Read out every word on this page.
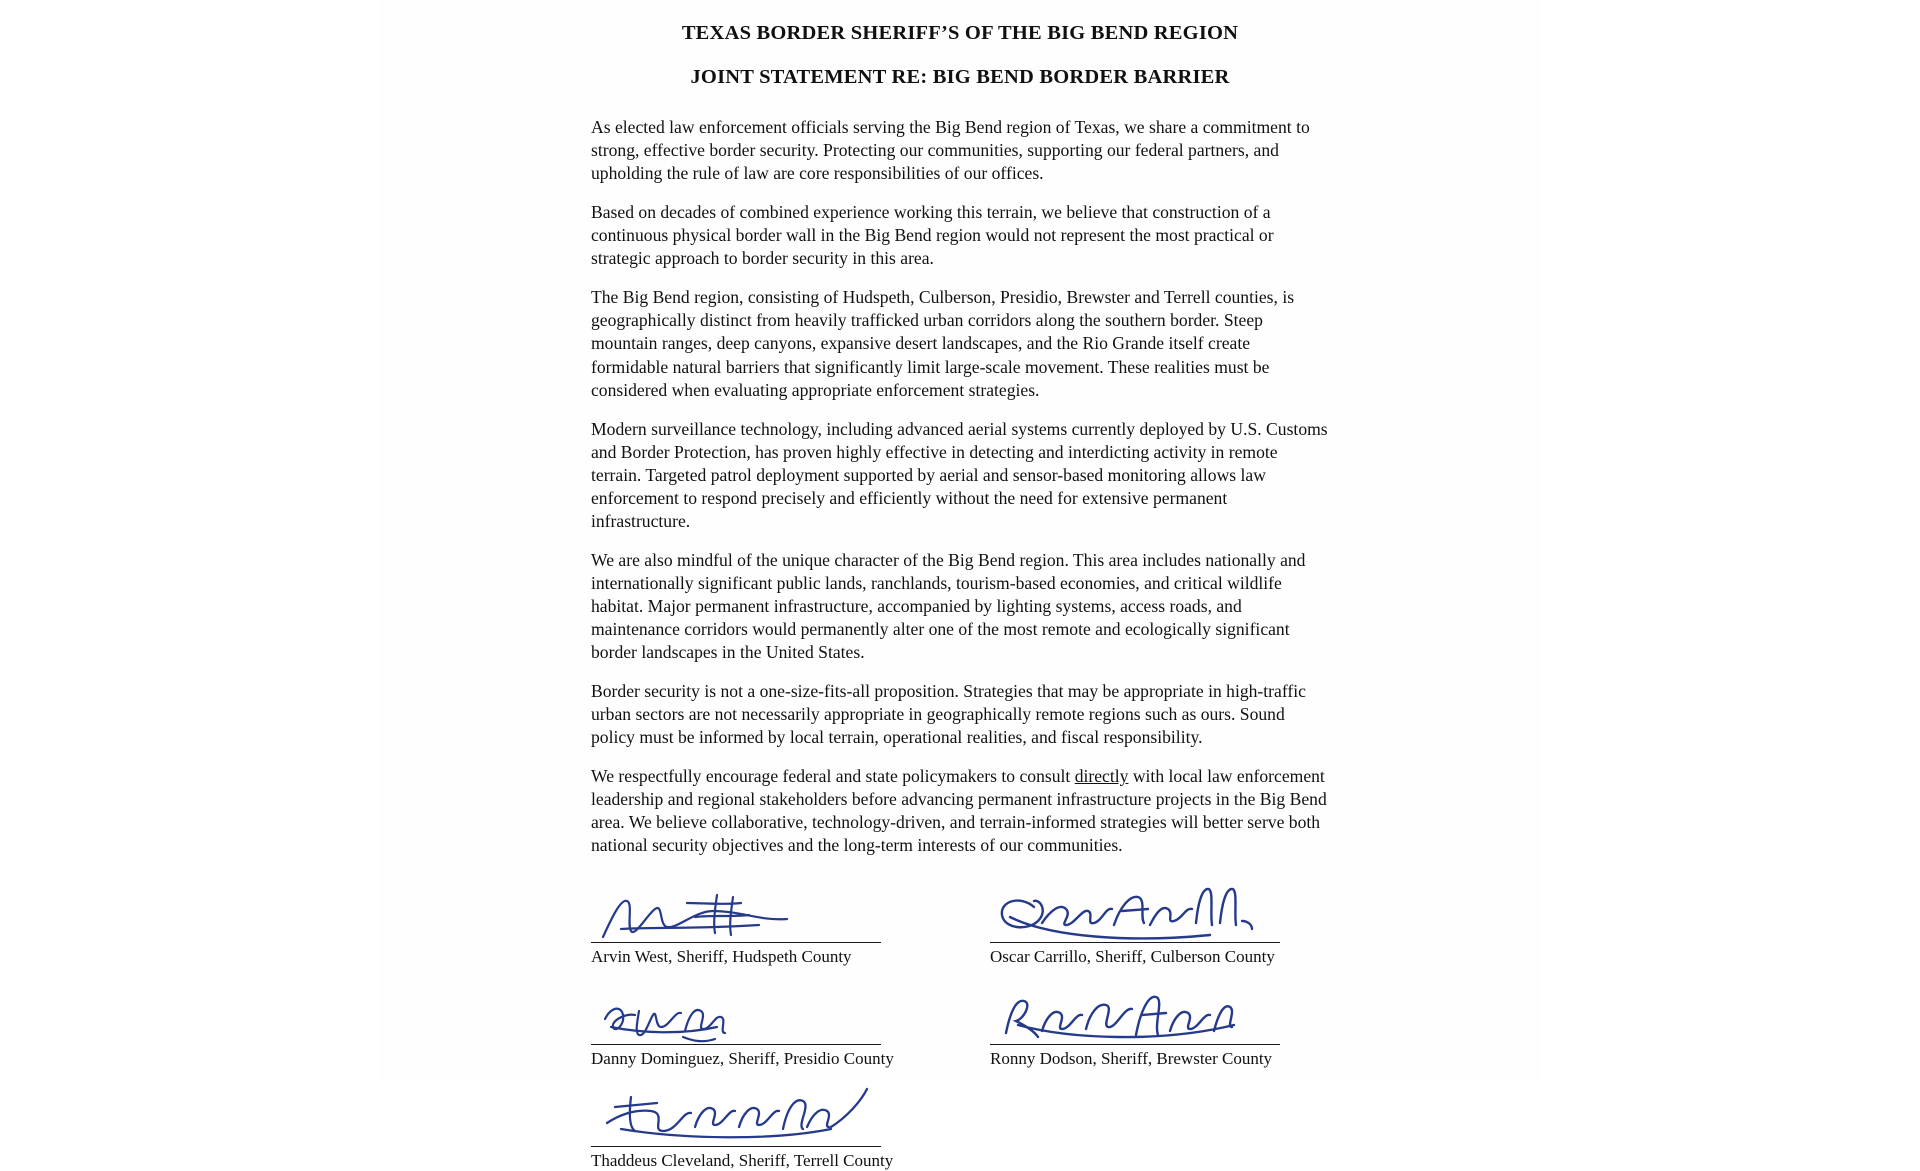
TEXAS BORDER SHERIFF’S OF THE BIG BEND REGION
JOINT STATEMENT RE: BIG BEND BORDER BARRIER

As elected law enforcement officials serving the Big Bend region of Texas, we share a commitment to strong, effective border security. Protecting our communities, supporting our federal partners, and upholding the rule of law are core responsibilities of our offices.

Based on decades of combined experience working this terrain, we believe that construction of a continuous physical border wall in the Big Bend region would not represent the most practical or strategic approach to border security in this area.

The Big Bend region, consisting of Hudspeth, Culberson, Presidio, Brewster and Terrell counties, is geographically distinct from heavily trafficked urban corridors along the southern border. Steep mountain ranges, deep canyons, expansive desert landscapes, and the Rio Grande itself create formidable natural barriers that significantly limit large-scale movement. These realities must be considered when evaluating appropriate enforcement strategies.

Modern surveillance technology, including advanced aerial systems currently deployed by U.S. Customs and Border Protection, has proven highly effective in detecting and interdicting activity in remote terrain. Targeted patrol deployment supported by aerial and sensor-based monitoring allows law enforcement to respond precisely and efficiently without the need for extensive permanent infrastructure.

We are also mindful of the unique character of the Big Bend region. This area includes nationally and internationally significant public lands, ranchlands, tourism-based economies, and critical wildlife habitat. Major permanent infrastructure, accompanied by lighting systems, access roads, and maintenance corridors would permanently alter one of the most remote and ecologically significant border landscapes in the United States.

Border security is not a one-size-fits-all proposition. Strategies that may be appropriate in high-traffic urban sectors are not necessarily appropriate in geographically remote regions such as ours. Sound policy must be informed by local terrain, operational realities, and fiscal responsibility.

We respectfully encourage federal and state policymakers to consult directly with local law enforcement leadership and regional stakeholders before advancing permanent infrastructure projects in the Big Bend area. We believe collaborative, technology-driven, and terrain-informed strategies will better serve both national security objectives and the long-term interests of our communities.

Arvin West, Sheriff, Hudspeth County	Oscar Carrillo, Sheriff, Culberson County
Danny Dominguez, Sheriff, Presidio County	Ronny Dodson, Sheriff, Brewster County
Thaddeus Cleveland, Sheriff, Terrell County
